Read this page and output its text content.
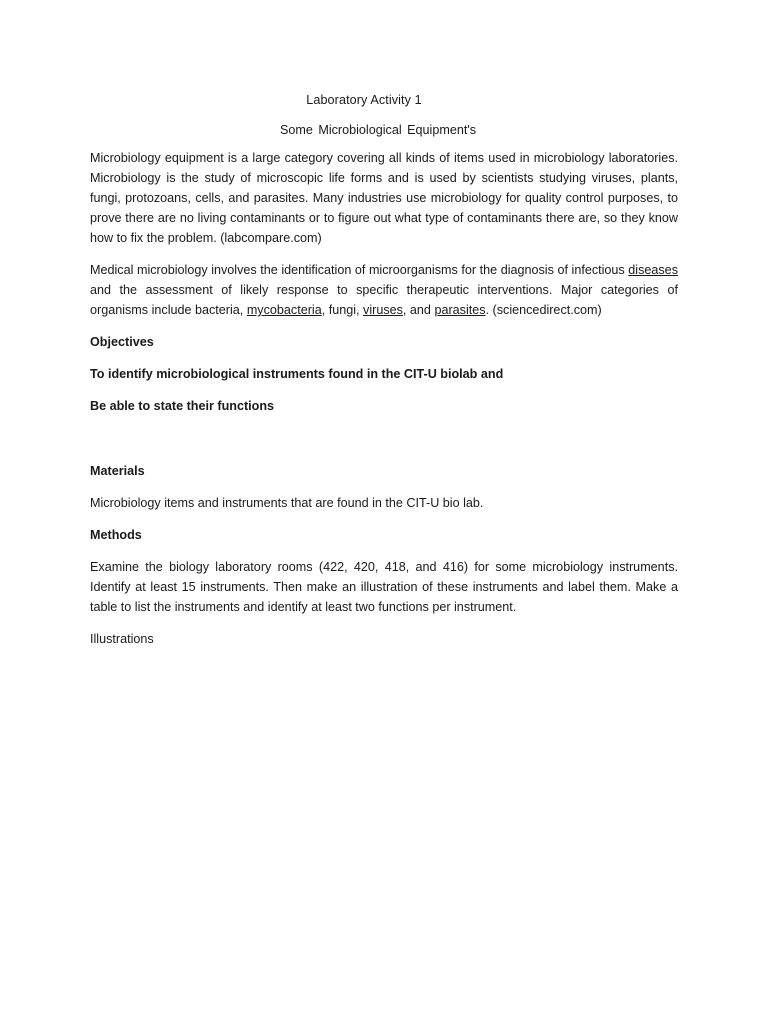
Laboratory Activity 1

Some Microbiological Equipment's

Microbiology equipment is a large category covering all kinds of items used in microbiology laboratories. Microbiology is the study of microscopic life forms and is used by scientists studying viruses, plants, fungi, protozoans, cells, and parasites. Many industries use microbiology for quality control purposes, to prove there are no living contaminants or to figure out what type of contaminants there are, so they know how to fix the problem. (labcompare.com)

Medical microbiology involves the identification of microorganisms for the diagnosis of infectious diseases and the assessment of likely response to specific therapeutic interventions. Major categories of organisms include bacteria, mycobacteria, fungi, viruses, and parasites. (sciencedirect.com)

Objectives

To identify microbiological instruments found in the CIT-U biolab and

Be able to state their functions

Materials

Microbiology items and instruments that are found in the CIT-U bio lab.

Methods

Examine the biology laboratory rooms (422, 420, 418, and 416) for some microbiology instruments. Identify at least 15 instruments. Then make an illustration of these instruments and label them. Make a table to list the instruments and identify at least two functions per instrument.

Illustrations
